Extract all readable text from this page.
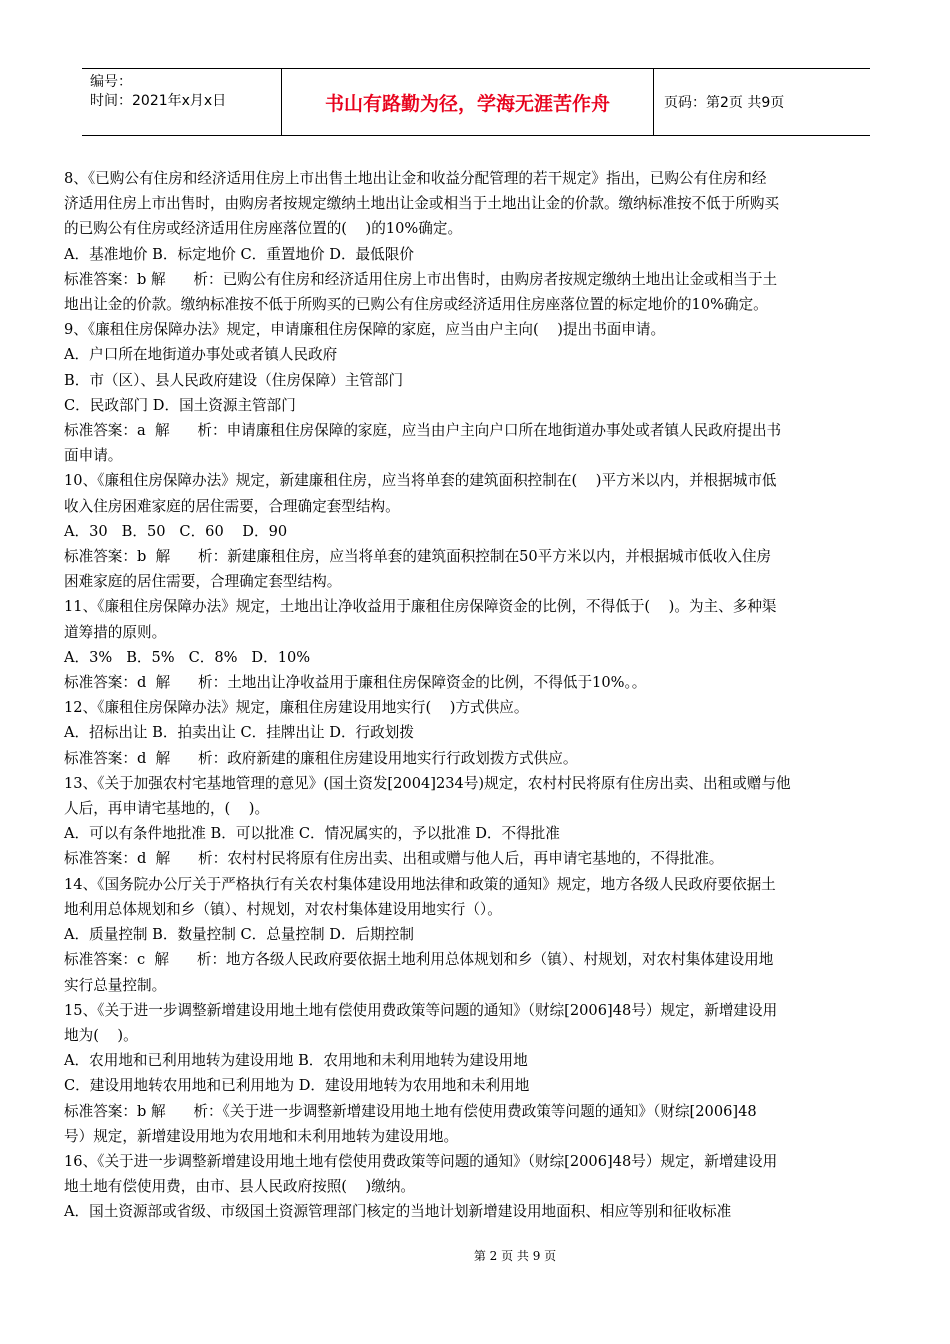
编号：
时间：2021年x月x日	书山有路勤为径，学海无涯苦作舟	页码：第2页 共9页

8、《已购公有住房和经济适用住房上市出售土地出让金和收益分配管理的若干规定》指出，已购公有住房和经

济适用住房上市出售时，由购房者按规定缴纳土地出让金或相当于土地出让金的价款。缴纳标准按不低于所购买

的已购公有住房或经济适用住房座落位置的(    )的10%确定。

A．基准地价 B．标定地价 C．重置地价 D．最低限价

标准答案：b 解      析：已购公有住房和经济适用住房上市出售时，由购房者按规定缴纳土地出让金或相当于土

地出让金的价款。缴纳标准按不低于所购买的已购公有住房或经济适用住房座落位置的标定地价的10%确定。

9、《廉租住房保障办法》规定，申请廉租住房保障的家庭，应当由户主向(    )提出书面申请。

A．户口所在地街道办事处或者镇人民政府

B．市（区）、县人民政府建设（住房保障）主管部门

C．民政部门 D．国土资源主管部门

标准答案：a  解      析：申请廉租住房保障的家庭，应当由户主向户口所在地街道办事处或者镇人民政府提出书

面申请。

10、《廉租住房保障办法》规定，新建廉租住房，应当将单套的建筑面积控制在(    )平方米以内，并根据城市低

收入住房困难家庭的居住需要，合理确定套型结构。

A．30   B．50   C．60    D．90

标准答案：b  解      析：新建廉租住房，应当将单套的建筑面积控制在50平方米以内，并根据城市低收入住房

困难家庭的居住需要，合理确定套型结构。

11、《廉租住房保障办法》规定，土地出让净收益用于廉租住房保障资金的比例，不得低于(    )。为主、多种渠

道筹措的原则。

A．3%   B．5%   C．8%   D．10%

标准答案：d  解      析：土地出让净收益用于廉租住房保障资金的比例，不得低于10%。。

12、《廉租住房保障办法》规定，廉租住房建设用地实行(    )方式供应。

A．招标出让 B．拍卖出让 C．挂牌出让 D．行政划拨

标准答案：d  解      析：政府新建的廉租住房建设用地实行行政划拨方式供应。

13、《关于加强农村宅基地管理的意见》(国土资发[2004]234号)规定，农村村民将原有住房出卖、出租或赠与他

人后，再申请宅基地的，(    )。

A．可以有条件地批准 B．可以批准 C．情况属实的，予以批准 D．不得批准

标准答案：d  解      析：农村村民将原有住房出卖、出租或赠与他人后，再申请宅基地的，不得批准。

14、《国务院办公厅关于严格执行有关农村集体建设用地法律和政策的通知》规定，地方各级人民政府要依据土

地利用总体规划和乡（镇）、村规划，对农村集体建设用地实行（）。

A．质量控制 B．数量控制 C．总量控制 D．后期控制

标准答案：c  解      析：地方各级人民政府要依据土地利用总体规划和乡（镇）、村规划，对农村集体建设用地

实行总量控制。

15、《关于进一步调整新增建设用地土地有偿使用费政策等问题的通知》（财综[2006]48号）规定，新增建设用

地为(    )。

A．农用地和已利用地转为建设用地 B．农用地和未利用地转为建设用地

C．建设用地转农用地和已利用地为 D．建设用地转为农用地和未利用地

标准答案：b 解      析：《关于进一步调整新增建设用地土地有偿使用费政策等问题的通知》（财综[2006]48

号）规定，新增建设用地为农用地和未利用地转为建设用地。

16、《关于进一步调整新增建设用地土地有偿使用费政策等问题的通知》（财综[2006]48号）规定，新增建设用

地土地有偿使用费，由市、县人民政府按照(    )缴纳。

A．国土资源部或省级、市级国土资源管理部门核定的当地计划新增建设用地面积、相应等别和征收标准

第 2 页 共 9 页
